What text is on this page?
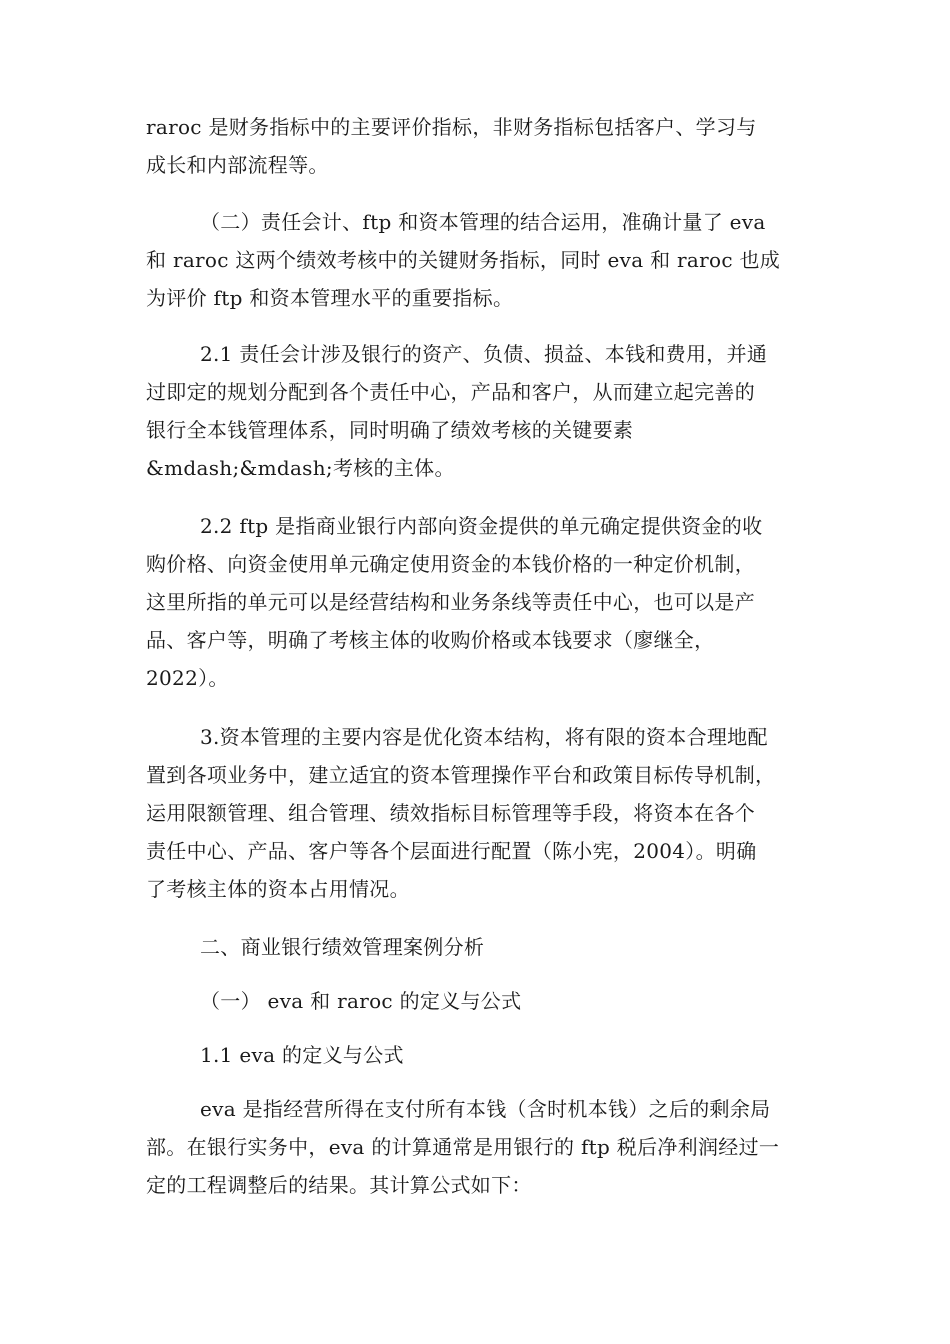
raroc 是财务指标中的主要评价指标，非财务指标包括客户、学习与
成长和内部流程等。

（二）责任会计、ftp 和资本管理的结合运用，准确计量了 eva
和 raroc 这两个绩效考核中的关键财务指标，同时 eva 和 raroc 也成
为评价 ftp 和资本管理水平的重要指标。

2.1 责任会计涉及银行的资产、负债、损益、本钱和费用，并通
过即定的规划分配到各个责任中心，产品和客户，从而建立起完善的
银行全本钱管理体系，同时明确了绩效考核的关键要素
&mdash;&mdash;考核的主体。

2.2 ftp 是指商业银行内部向资金提供的单元确定提供资金的收
购价格、向资金使用单元确定使用资金的本钱价格的一种定价机制，
这里所指的单元可以是经营结构和业务条线等责任中心，也可以是产
品、客户等，明确了考核主体的收购价格或本钱要求（廖继全，
2022）。

3.资本管理的主要内容是优化资本结构，将有限的资本合理地配
置到各项业务中，建立适宜的资本管理操作平台和政策目标传导机制，
运用限额管理、组合管理、绩效指标目标管理等手段，将资本在各个
责任中心、产品、客户等各个层面进行配置（陈小宪，2004）。明确
了考核主体的资本占用情况。

二、商业银行绩效管理案例分析

（一） eva 和 raroc 的定义与公式

1.1 eva 的定义与公式

eva 是指经营所得在支付所有本钱（含时机本钱）之后的剩余局
部。在银行实务中，eva 的计算通常是用银行的 ftp 税后净利润经过一
定的工程调整后的结果。其计算公式如下：
